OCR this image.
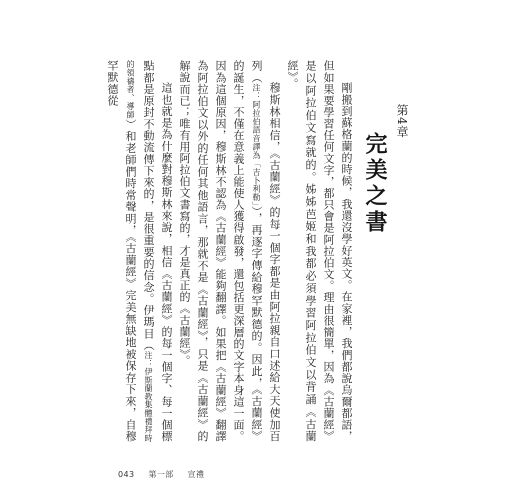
第4章
完美之書

剛搬到蘇格蘭的時候，我還沒學好英文。在家裡，我們都說烏爾都語，但如果要學習任何文字，都只會是阿拉伯文。理由很簡單，因為《古蘭經》是以阿拉伯文寫就的。姊姊芭姬和我都必須學習阿拉伯文以背誦《古蘭經》。

穆斯林相信，《古蘭經》的每一個字都是由阿拉親自口述給大天使加百列（注：阿拉伯語音譯為「吉卜利勒」），再逐字傳給穆罕默德的。因此，《古蘭經》的誕生，不僅在意義上能使人獲得啟發，還包括更深層的文字本身這一面。因為這個原因，穆斯林不認為《古蘭經》能夠翻譯。如果把《古蘭經》翻譯為阿拉伯文以外的任何其他語言，那就不是《古蘭經》，只是《古蘭經》的解說而已；唯有用阿拉伯文書寫的，才是真正的《古蘭經》。

這也就是為什麼對穆斯林來說，相信《古蘭經》的每一個字、每一個標點都是原封不動流傳下來的，是很重要的信念。伊瑪目（注：伊斯蘭教集體禮拜時的領禱者、導師）和老師們時常聲明，《古蘭經》完美無缺地被保存下來，自穆罕默德從

043 第一部 宣禮
